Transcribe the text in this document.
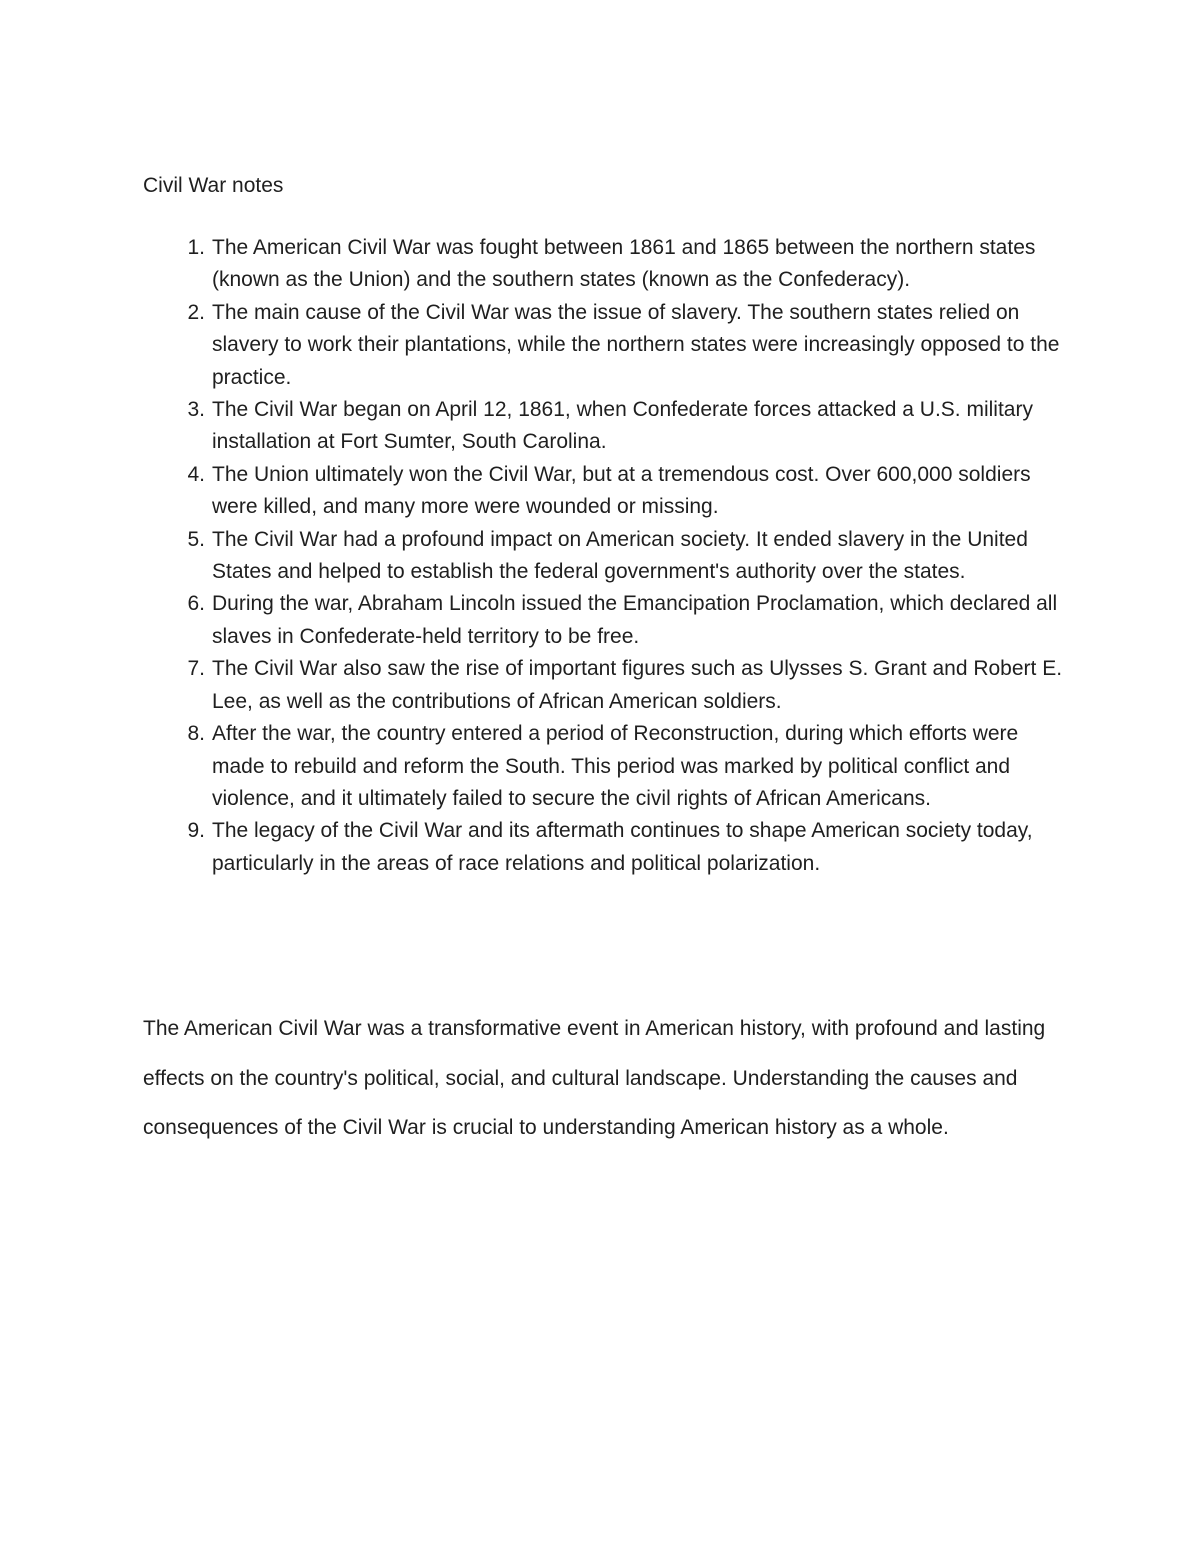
Civil War notes

1. The American Civil War was fought between 1861 and 1865 between the northern states (known as the Union) and the southern states (known as the Confederacy).
2. The main cause of the Civil War was the issue of slavery. The southern states relied on slavery to work their plantations, while the northern states were increasingly opposed to the practice.
3. The Civil War began on April 12, 1861, when Confederate forces attacked a U.S. military installation at Fort Sumter, South Carolina.
4. The Union ultimately won the Civil War, but at a tremendous cost. Over 600,000 soldiers were killed, and many more were wounded or missing.
5. The Civil War had a profound impact on American society. It ended slavery in the United States and helped to establish the federal government's authority over the states.
6. During the war, Abraham Lincoln issued the Emancipation Proclamation, which declared all slaves in Confederate-held territory to be free.
7. The Civil War also saw the rise of important figures such as Ulysses S. Grant and Robert E. Lee, as well as the contributions of African American soldiers.
8. After the war, the country entered a period of Reconstruction, during which efforts were made to rebuild and reform the South. This period was marked by political conflict and violence, and it ultimately failed to secure the civil rights of African Americans.
9. The legacy of the Civil War and its aftermath continues to shape American society today, particularly in the areas of race relations and political polarization.

The American Civil War was a transformative event in American history, with profound and lasting effects on the country's political, social, and cultural landscape. Understanding the causes and consequences of the Civil War is crucial to understanding American history as a whole.
